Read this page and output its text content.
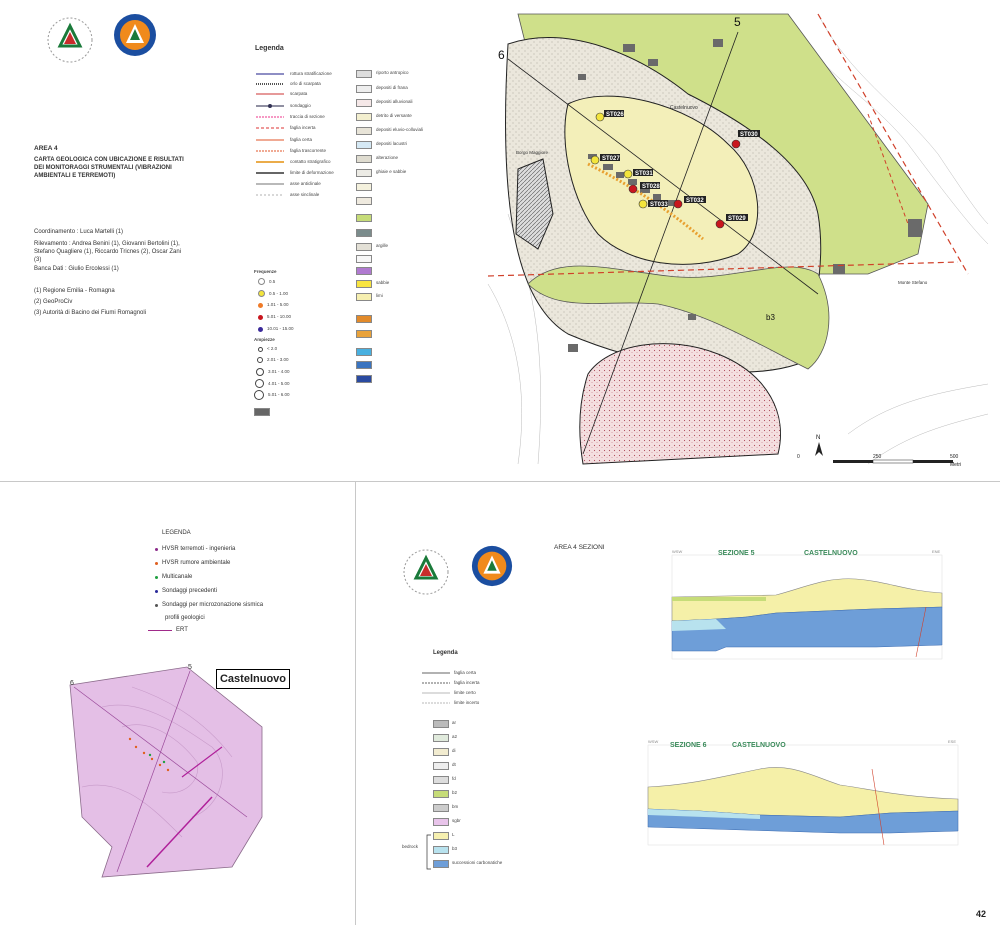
AREA 4
CARTA GEOLOGICA CON UBICAZIONE E RISULTATI
DEI MONITORAGGI STRUMENTALI (VIBRAZIONI
AMBIENTALI E TERREMOTI)
Coordinamento : Luca Martelli (1)
Rilevamento : Andrea Benini (1), Giovanni Bertolini (1),
Stefano Quagliere (1), Riccardo Tricnes (2), Oscar Zani
(3)
Banca Dati : Giulio Ercolessi (1)
(1) Regione Emilia - Romagna
(2) GeoProCiv
(3) Autorità di Bacino dei Fiumi Romagnoli
Legenda
rottura stratificazione
orlo di scarpata
scarpata
sondaggio
traccia di sezione
faglia incerta
faglia certa
faglia trascorrente
contatto stratigrafico
limite di deformazione
asse anticlinale
asse sinclinale
Frequenze
0.5
0.5 - 1.00
1.01 - 5.00
5.01 - 10.00
10.01 - 15.00
Ampiezze
< 2.0
2.01 - 3.00
3.01 - 4.00
4.01 - 5.00
5.01 - 6.00
riporto antropico
depositi di frana
depositi alluvionali
detrito di versante
depositi eluvio-colluviali
depositi lacustri
alterazione
ghiaie e sabbie
argille
sabbie
limi
ST026
ST030
ST027
ST031
ST028
ST032
ST029
ST033
5
6
Castelnuovo
Borgo Maggiore
Monte Stefano
b3
N
0	250	500
Metri
LEGENDA
HVSR terremoti - ingenieria
HVSR rumore ambientale
Multicanale
Sondaggi precedenti
Sondaggi per microzonazione sismica
profili geologici
ERT
Castelnuovo
5
6
AREA 4 SEZIONI
Legenda
faglia certa
faglia incerta
limite certo
limite incerto
ar
a2
di
dt
fd
b2
bm
sgbr
L
b3
successioni carbonatiche
bedrock
WSW	ENE
SEZIONE 5	CASTELNUOVO
WSW	ESE
SEZIONE 6	CASTELNUOVO
42
